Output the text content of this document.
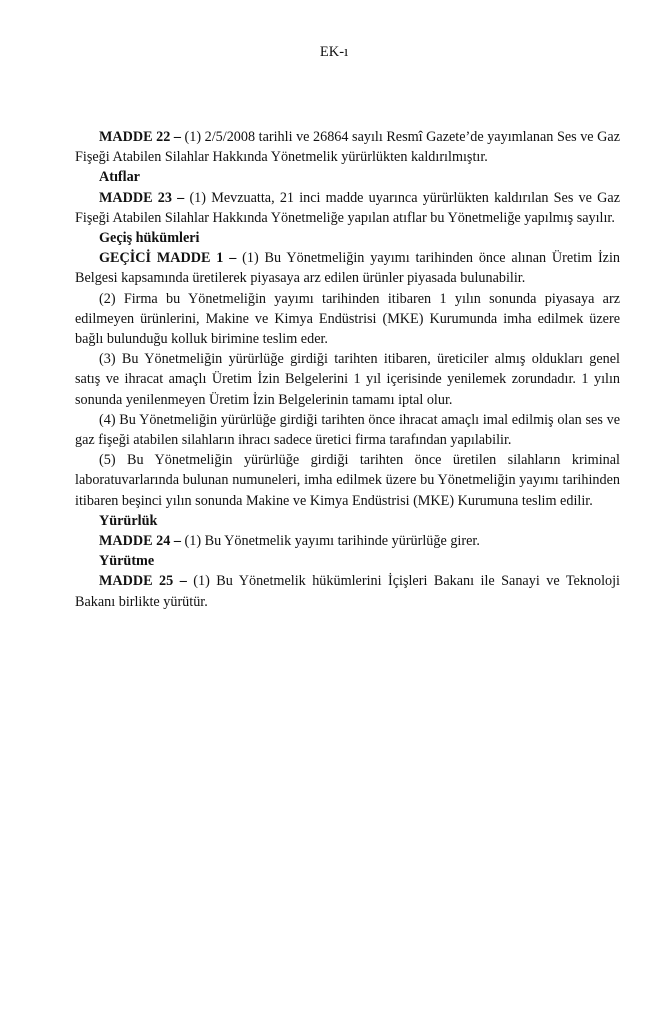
EK-ı

MADDE 22 – (1) 2/5/2008 tarihli ve 26864 sayılı Resmî Gazete’de yayımlanan Ses ve Gaz Fişeği Atabilen Silahlar Hakkında Yönetmelik yürürlükten kaldırılmıştır.

Atıflar

MADDE 23 – (1) Mevzuatta, 21 inci madde uyarınca yürürlükten kaldırılan Ses ve Gaz Fişeği Atabilen Silahlar Hakkında Yönetmeliğe yapılan atıflar bu Yönetmeliğe yapılmış sayılır.

Geçiş hükümleri

GEÇİCİ MADDE 1 – (1) Bu Yönetmeliğin yayımı tarihinden önce alınan Üretim İzin Belgesi kapsamında üretilerek piyasaya arz edilen ürünler piyasada bulunabilir.

(2) Firma bu Yönetmeliğin yayımı tarihinden itibaren 1 yılın sonunda piyasaya arz edilmeyen ürünlerini, Makine ve Kimya Endüstrisi (MKE) Kurumunda imha edilmek üzere bağlı bulunduğu kolluk birimine teslim eder.

(3) Bu Yönetmeliğin yürürlüğe girdiği tarihten itibaren, üreticiler almış oldukları genel satış ve ihracat amaçlı Üretim İzin Belgelerini 1 yıl içerisinde yenilemek zorundadır. 1 yılın sonunda yenilenmeyen Üretim İzin Belgelerinin tamamı iptal olur.

(4) Bu Yönetmeliğin yürürlüğe girdiği tarihten önce ihracat amaçlı imal edilmiş olan ses ve gaz fişeği atabilen silahların ihracı sadece üretici firma tarafından yapılabilir.

(5) Bu Yönetmeliğin yürürlüğe girdiği tarihten önce üretilen silahların kriminal laboratuvarlarında bulunan numuneleri, imha edilmek üzere bu Yönetmeliğin yayımı tarihinden itibaren beşinci yılın sonunda Makine ve Kimya Endüstrisi (MKE) Kurumuna teslim edilir.

Yürürlük

MADDE 24 – (1) Bu Yönetmelik yayımı tarihinde yürürlüğe girer.

Yürütme

MADDE 25 – (1) Bu Yönetmelik hükümlerini İçişleri Bakanı ile Sanayi ve Teknoloji Bakanı birlikte yürütür.
